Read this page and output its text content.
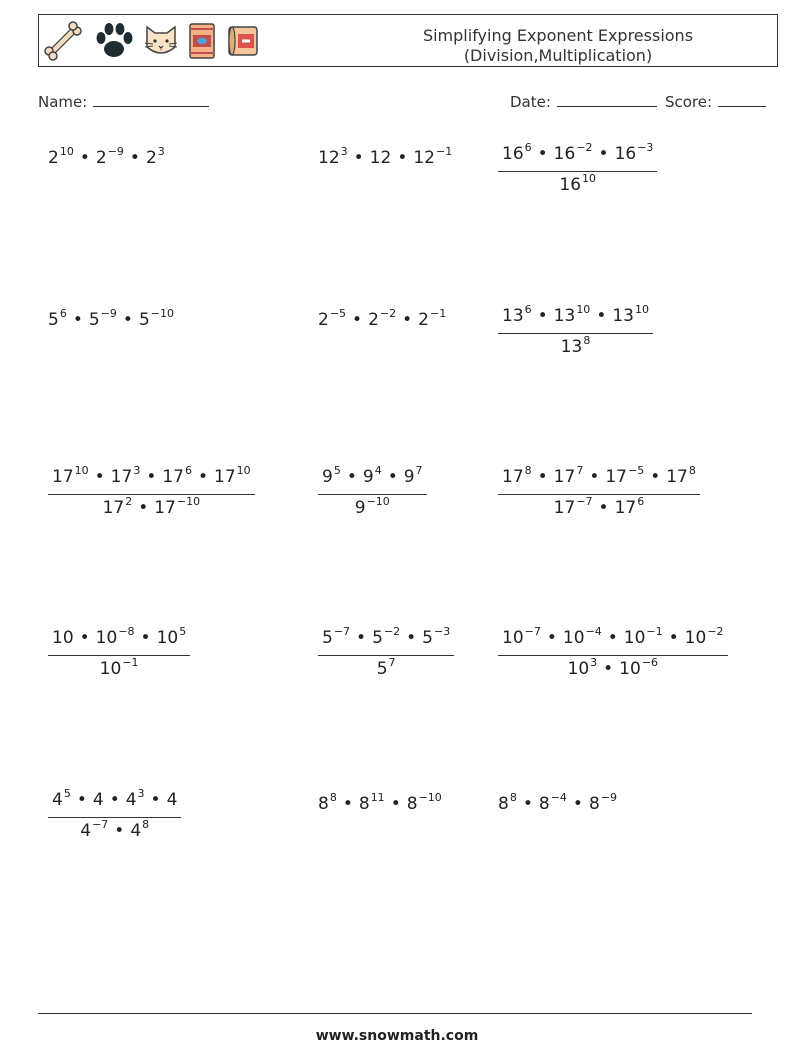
Simplifying Exponent Expressions
(Division,Multiplication)
Name:	Date:	Score:
$2^{10}$ • $2^{-9}$ • $2^3$	$12^3$ • 12 • $12^{-1}$	$\frac{16^6 • 16^{-2} • 16^{-3}}{16^{10}}$
$5^6$ • $5^{-9}$ • $5^{-10}$	$2^{-5}$ • $2^{-2}$ • $2^{-1}$	$\frac{13^6 • 13^{10} • 13^{10}}{13^8}$
$\frac{17^{10} • 17^3 • 17^6 • 17^{10}}{17^2 • 17^{-10}}$	$\frac{9^5 • 9^4 • 9^7}{9^{-10}}$	$\frac{17^8 • 17^7 • 17^{-5} • 17^8}{17^{-7} • 17^6}$
$\frac{10 • 10^{-8} • 10^5}{10^{-1}}$	$\frac{5^{-7} • 5^{-2} • 5^{-3}}{5^7}$	$\frac{10^{-7} • 10^{-4} • 10^{-1} • 10^{-2}}{10^3 • 10^{-6}}$
$\frac{4^5 • 4 • 4^3 • 4}{4^{-7} • 4^8}$	$8^8$ • $8^{11}$ • $8^{-10}$	$8^8$ • $8^{-4}$ • $8^{-9}$
www.snowmath.com
